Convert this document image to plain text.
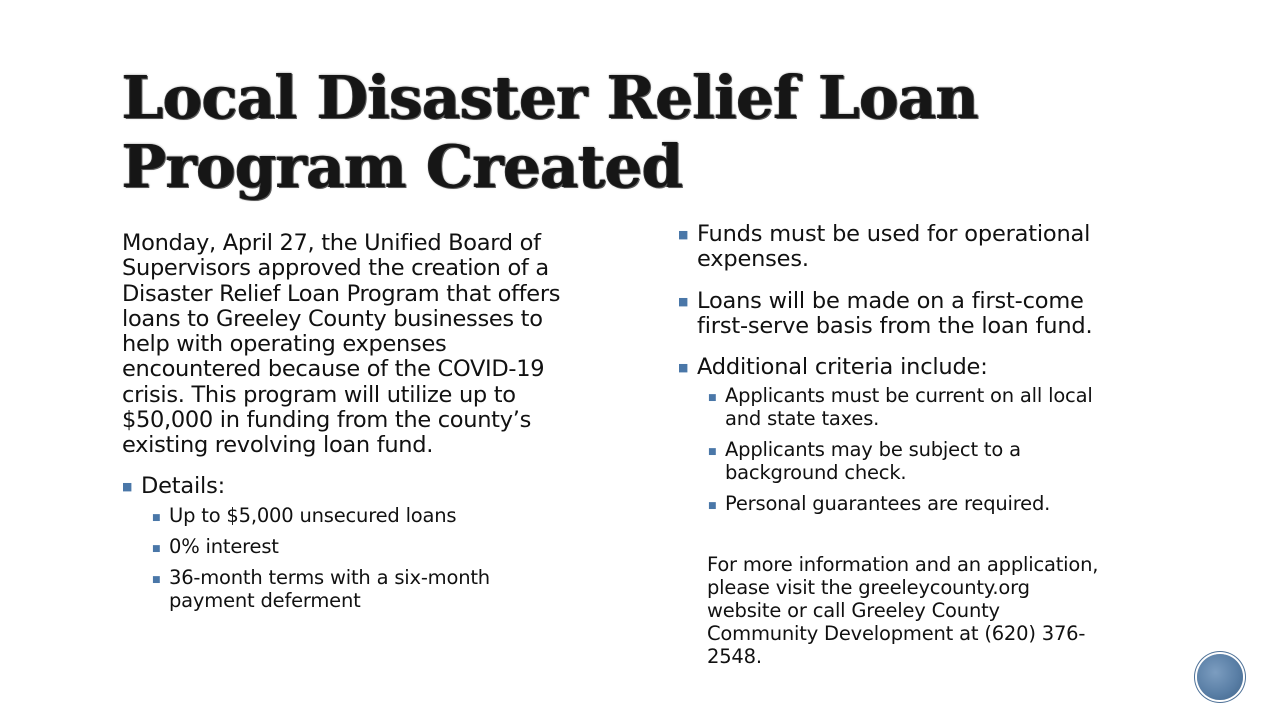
Local Disaster Relief Loan
Program Created

Monday, April 27, the Unified Board of
Supervisors approved the creation of a
Disaster Relief Loan Program that offers
loans to Greeley County businesses to
help with operating expenses
encountered because of the COVID-19
crisis. This program will utilize up to
$50,000 in funding from the county’s
existing revolving loan fund.

■ Details:
■ Up to $5,000 unsecured loans
■ 0% interest
■ 36-month terms with a six-month
payment deferment
■ Funds must be used for operational
expenses.
■ Loans will be made on a first-come
first-serve basis from the loan fund.
■ Additional criteria include:
■ Applicants must be current on all local
and state taxes.
■ Applicants may be subject to a
background check.
■ Personal guarantees are required.

For more information and an application,
please visit the greeleycounty.org
website or call Greeley County
Community Development at (620) 376-
2548.
